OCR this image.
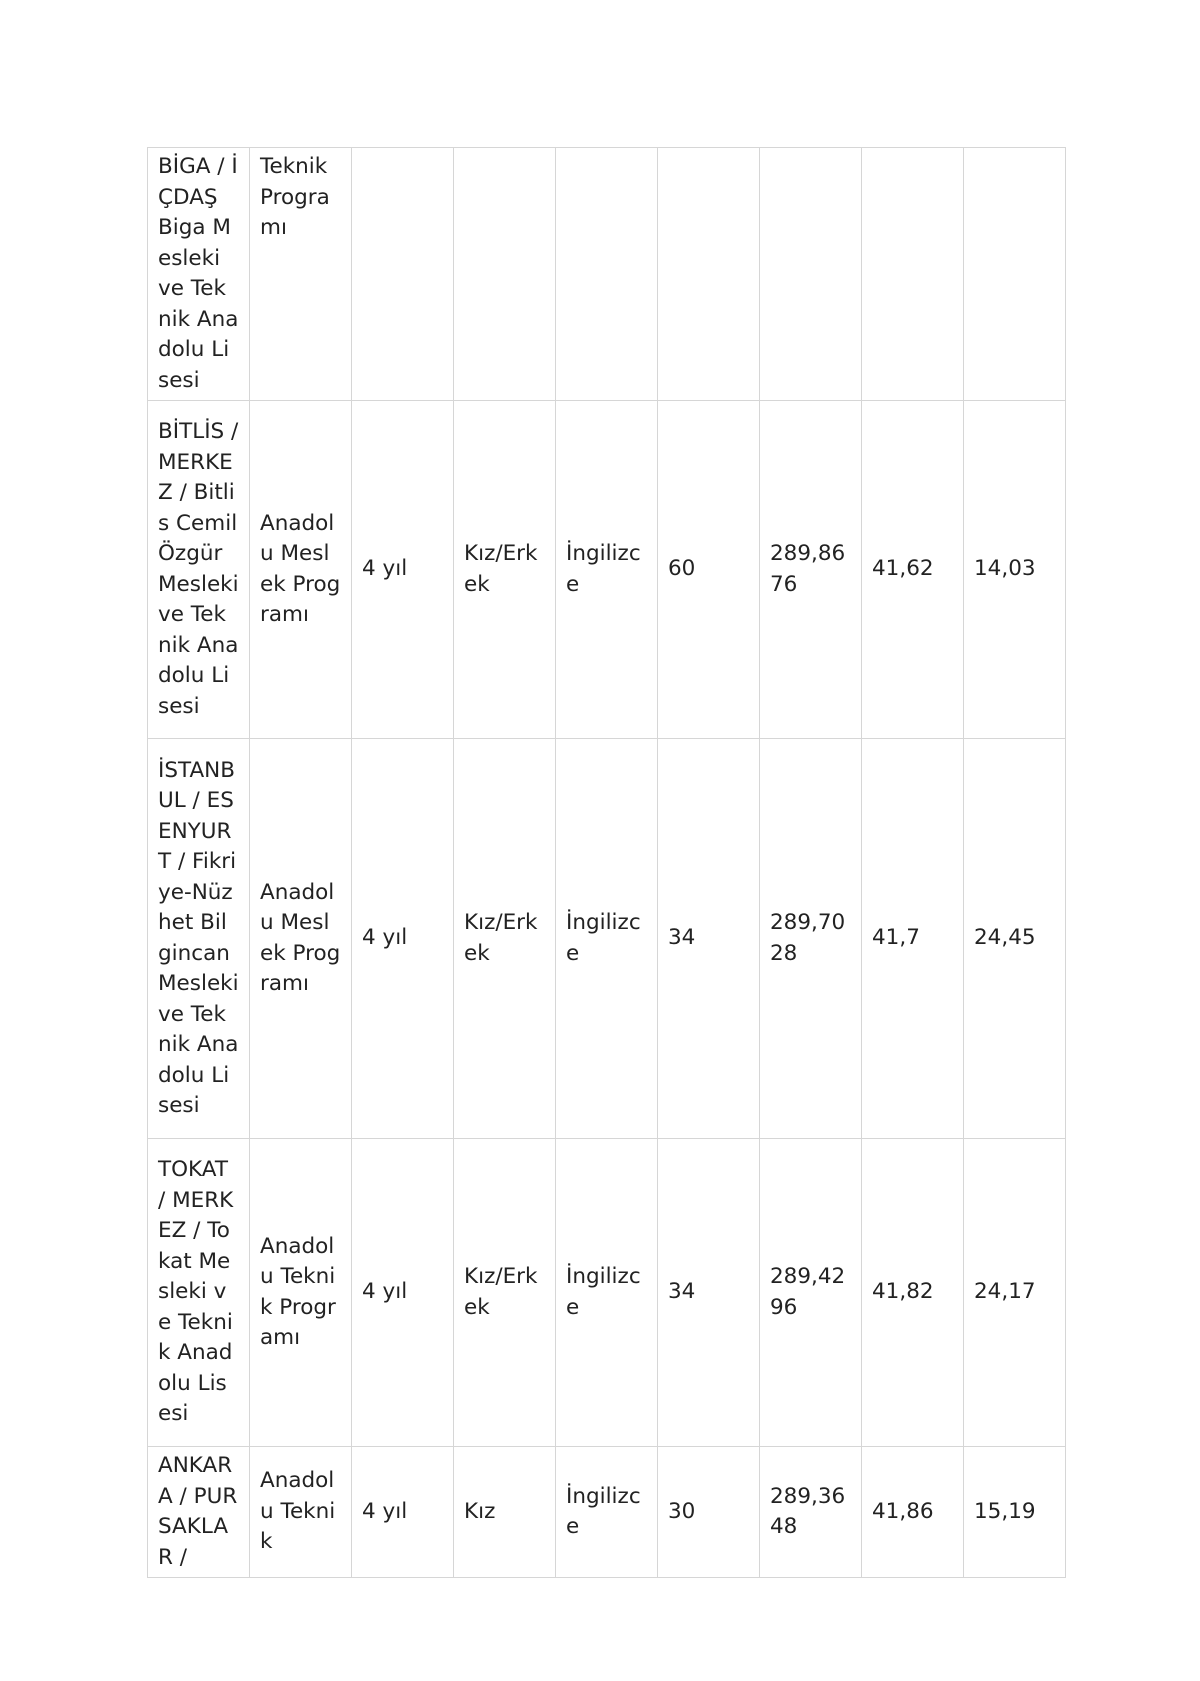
BİGA / İÇDAŞ Biga Mesleki ve Teknik Anadolu Lisesi	Teknik Programı							
BİTLİS / MERKEZ / Bitlis Cemil Özgür Mesleki ve Teknik Anadolu Lisesi	Anadolu Meslek Programı	4 yıl	Kız/Erkek	İngilizce	60	289,8676	41,62	14,03
İSTANBUL / ESENYURT / Fikriye-Nüzhet Bilgincan Mesleki ve Teknik Anadolu Lisesi	Anadolu Meslek Programı	4 yıl	Kız/Erkek	İngilizce	34	289,7028	41,7	24,45
TOKAT / MERKEZ / Tokat Mesleki ve Teknik Anadolu Lisesi	Anadolu Teknik Programı	4 yıl	Kız/Erkek	İngilizce	34	289,4296	41,82	24,17
ANKARA / PURSAKLAR /	Anadolu Teknik	4 yıl	Kız	İngilizce	30	289,3648	41,86	15,19
